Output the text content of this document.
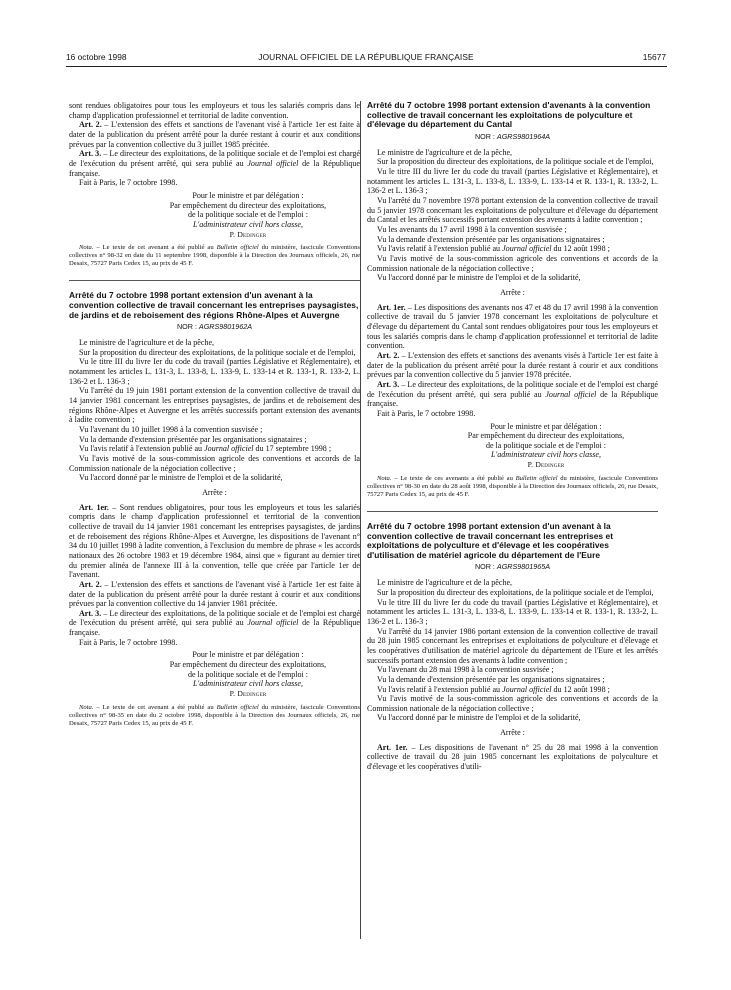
16 octobre 1998	JOURNAL OFFICIEL DE LA RÉPUBLIQUE FRANÇAISE	15677

sont rendues obligatoires pour tous les employeurs et tous les salariés compris dans le champ d'application professionnel et territorial de ladite convention.

Art. 2. – L'extension des effets et sanctions de l'avenant visé à l'article 1er est faite à dater de la publication du présent arrêté pour la durée restant à courir et aux conditions prévues par la convention collective du 3 juillet 1985 précitée.

Art. 3. – Le directeur des exploitations, de la politique sociale et de l'emploi est chargé de l'exécution du présent arrêté, qui sera publié au Journal officiel de la République française.

Fait à Paris, le 7 octobre 1998.

Pour le ministre et par délégation :

Par empêchement du directeur des exploitations,

de la politique sociale et de l'emploi :

L'administrateur civil hors classe,

P. Dedinger

Nota. – Le texte de cet avenant a été publié au Bulletin officiel du ministère, fascicule Conventions collectives n° 98-32 en date du 11 septembre 1998, disponible à la Direction des Journaux officiels, 26, rue Desaix, 75727 Paris Cedex 15, au prix de 45 F.

Arrêté du 7 octobre 1998 portant extension d'un avenant à la convention collective de travail concernant les entreprises paysagistes, de jardins et de reboisement des régions Rhône-Alpes et Auvergne

NOR : AGRS9801962A

Le ministre de l'agriculture et de la pêche,

Sur la proposition du directeur des exploitations, de la politique sociale et de l'emploi,

Vu le titre III du livre Ier du code du travail (parties Législative et Réglementaire), et notamment les articles L. 131-3, L. 133-8, L. 133-9, L. 133-14 et R. 133-1, R. 133-2, L. 136-2 et L. 136-3 ;

Vu l'arrêté du 19 juin 1981 portant extension de la convention collective de travail du 14 janvier 1981 concernant les entreprises paysagistes, de jardins et de reboisement des régions Rhône-Alpes et Auvergne et les arrêtés successifs portant extension des avenants à ladite convention ;

Vu l'avenant du 10 juillet 1998 à la convention susvisée ;

Vu la demande d'extension présentée par les organisations signataires ;

Vu l'avis relatif à l'extension publié au Journal officiel du 17 septembre 1998 ;

Vu l'avis motivé de la sous-commission agricole des conventions et accords de la Commission nationale de la négociation collective ;

Vu l'accord donné par le ministre de l'emploi et de la solidarité,

Arrête :

Art. 1er. – Sont rendues obligatoires, pour tous les employeurs et tous les salariés compris dans le champ d'application professionnel et territorial de la convention collective de travail du 14 janvier 1981 concernant les entreprises paysagistes, de jardins et de reboisement des régions Rhône-Alpes et Auvergne, les dispositions de l'avenant n° 34 du 10 juillet 1998 à ladite convention, à l'exclusion du membre de phrase « les accords nationaux des 26 octobre 1983 et 19 décembre 1984, ainsi que » figurant au dernier tiret du premier alinéa de l'annexe III à la convention, telle que créée par l'article 1er de l'avenant.

Art. 2. – L'extension des effets et sanctions de l'avenant visé à l'article 1er est faite à dater de la publication du présent arrêté pour la durée restant à courir et aux conditions prévues par la convention collective du 14 janvier 1981 précitée.

Art. 3. – Le directeur des exploitations, de la politique sociale et de l'emploi est chargé de l'exécution du présent arrêté, qui sera publié au Journal officiel de la République française.

Fait à Paris, le 7 octobre 1998.

Pour le ministre et par délégation :

Par empêchement du directeur des exploitations,

de la politique sociale et de l'emploi :

L'administrateur civil hors classe,

P. Dedinger

Nota. – Le texte de cet avenant a été publié au Bulletin officiel du ministère, fascicule Conventions collectives n° 98-35 en date du 2 octobre 1998, disponible à la Direction des Journaux officiels, 26, rue Desaix, 75727 Paris Cedex 15, au prix de 45 F.

Arrêté du 7 octobre 1998 portant extension d'avenants à la convention collective de travail concernant les exploitations de polyculture et d'élevage du département du Cantal

NOR : AGRS9801964A

Le ministre de l'agriculture et de la pêche,

Sur la proposition du directeur des exploitations, de la politique sociale et de l'emploi,

Vu le titre III du livre Ier du code du travail (parties Législative et Réglementaire), et notamment les articles L. 131-3, L. 133-8, L. 133-9, L. 133-14 et R. 133-1, R. 133-2, L. 136-2 et L. 136-3 ;

Vu l'arrêté du 7 novembre 1978 portant extension de la convention collective de travail du 5 janvier 1978 concernant les exploitations de polyculture et d'élevage du département du Cantal et les arrêtés successifs portant extension des avenants à ladite convention ;

Vu les avenants du 17 avril 1998 à la convention susvisée ;

Vu la demande d'extension présentée par les organisations signataires ;

Vu l'avis relatif à l'extension publié au Journal officiel du 12 août 1998 ;

Vu l'avis motivé de la sous-commission agricole des conventions et accords de la Commission nationale de la négociation collective ;

Vu l'accord donné par le ministre de l'emploi et de la solidarité,

Arrête :

Art. 1er. – Les dispositions des avenants nos 47 et 48 du 17 avril 1998 à la convention collective de travail du 5 janvier 1978 concernant les exploitations de polyculture et d'élevage du département du Cantal sont rendues obligatoires pour tous les employeurs et tous les salariés compris dans le champ d'application professionnel et territorial de ladite convention.

Art. 2. – L'extension des effets et sanctions des avenants visés à l'article 1er est faite à dater de la publication du présent arrêté pour la durée restant à courir et aux conditions prévues par la convention collective du 5 janvier 1978 précitée.

Art. 3. – Le directeur des exploitations, de la politique sociale et de l'emploi est chargé de l'exécution du présent arrêté, qui sera publié au Journal officiel de la République française.

Fait à Paris, le 7 octobre 1998.

Pour le ministre et par délégation :

Par empêchement du directeur des exploitations,

de la politique sociale et de l'emploi :

L'administrateur civil hors classe,

P. Dedinger

Nota. – Le texte de ces avenants a été publié au Bulletin officiel du ministère, fascicule Conventions collectives n° 98-30 en date du 28 août 1998, disponible à la Direction des Journaux officiels, 26, rue Desaix, 75727 Paris Cedex 15, au prix de 45 F.

Arrêté du 7 octobre 1998 portant extension d'un avenant à la convention collective de travail concernant les entreprises et exploitations de polyculture et d'élevage et les coopératives d'utilisation de matériel agricole du département de l'Eure

NOR : AGRS9801965A

Le ministre de l'agriculture et de la pêche,

Sur la proposition du directeur des exploitations, de la politique sociale et de l'emploi,

Vu le titre III du livre Ier du code du travail (parties Législative et Réglementaire), et notamment les articles L. 131-3, L. 133-8, L. 133-9, L. 133-14 et R. 133-1, R. 133-2, L. 136-2 et L. 136-3 ;

Vu l'arrêté du 14 janvier 1986 portant extension de la convention collective de travail du 28 juin 1985 concernant les entreprises et exploitations de polyculture et d'élevage et les coopératives d'utilisation de matériel agricole du département de l'Eure et les arrêtés successifs portant extension des avenants à ladite convention ;

Vu l'avenant du 28 mai 1998 à la convention susvisée ;

Vu la demande d'extension présentée par les organisations signataires ;

Vu l'avis relatif à l'extension publié au Journal officiel du 12 août 1998 ;

Vu l'avis motivé de la sous-commission agricole des conventions et accords de la Commission nationale de la négociation collective ;

Vu l'accord donné par le ministre de l'emploi et de la solidarité,

Arrête :

Art. 1er. – Les dispositions de l'avenant n° 25 du 28 mai 1998 à la convention collective de travail du 28 juin 1985 concernant les exploitations de polyculture et d'élevage et les coopératives d'utili-
